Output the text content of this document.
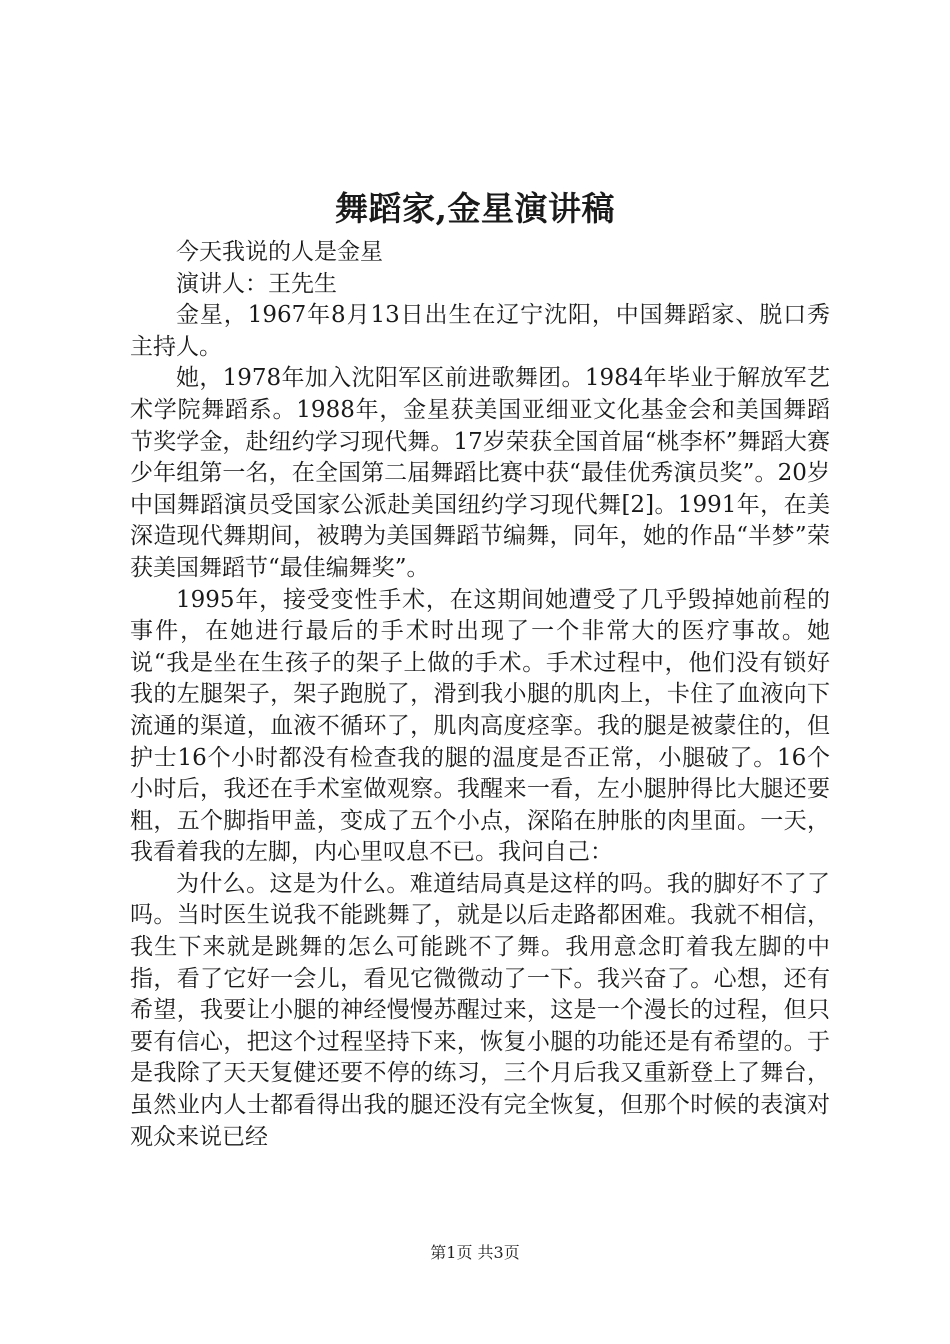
舞蹈家,金星演讲稿

今天我说的人是金星

演讲人：王先生

金星，1967年8月13日出生在辽宁沈阳，中国舞蹈家、脱口秀主持人。

她，1978年加入沈阳军区前进歌舞团。1984年毕业于解放军艺术学院舞蹈系。1988年，金星获美国亚细亚文化基金会和美国舞蹈节奖学金，赴纽约学习现代舞。17岁荣获全国首届“桃李杯”舞蹈大赛少年组第一名，在全国第二届舞蹈比赛中获“最佳优秀演员奖”。20岁中国舞蹈演员受国家公派赴美国纽约学习现代舞[2]。1991年，在美深造现代舞期间，被聘为美国舞蹈节编舞，同年，她的作品“半梦”荣获美国舞蹈节“最佳编舞奖”。

1995年，接受变性手术，在这期间她遭受了几乎毁掉她前程的事件，在她进行最后的手术时出现了一个非常大的医疗事故。她说“我是坐在生孩子的架子上做的手术。手术过程中，他们没有锁好我的左腿架子，架子跑脱了，滑到我小腿的肌肉上，卡住了血液向下流通的渠道，血液不循环了，肌肉高度痉挛。我的腿是被蒙住的，但护士16个小时都没有检查我的腿的温度是否正常，小腿破了。16个小时后，我还在手术室做观察。我醒来一看，左小腿肿得比大腿还要粗，五个脚指甲盖，变成了五个小点，深陷在肿胀的肉里面。一天，我看着我的左脚，内心里叹息不已。我问自己：

为什么。这是为什么。难道结局真是这样的吗。我的脚好不了了吗。当时医生说我不能跳舞了，就是以后走路都困难。我就不相信，我生下来就是跳舞的怎么可能跳不了舞。我用意念盯着我左脚的中指，看了它好一会儿，看见它微微动了一下。我兴奋了。心想，还有希望，我要让小腿的神经慢慢苏醒过来，这是一个漫长的过程，但只要有信心，把这个过程坚持下来，恢复小腿的功能还是有希望的。于是我除了天天复健还要不停的练习，三个月后我又重新登上了舞台，虽然业内人士都看得出我的腿还没有完全恢复，但那个时候的表演对观众来说已经

第1页 共3页
